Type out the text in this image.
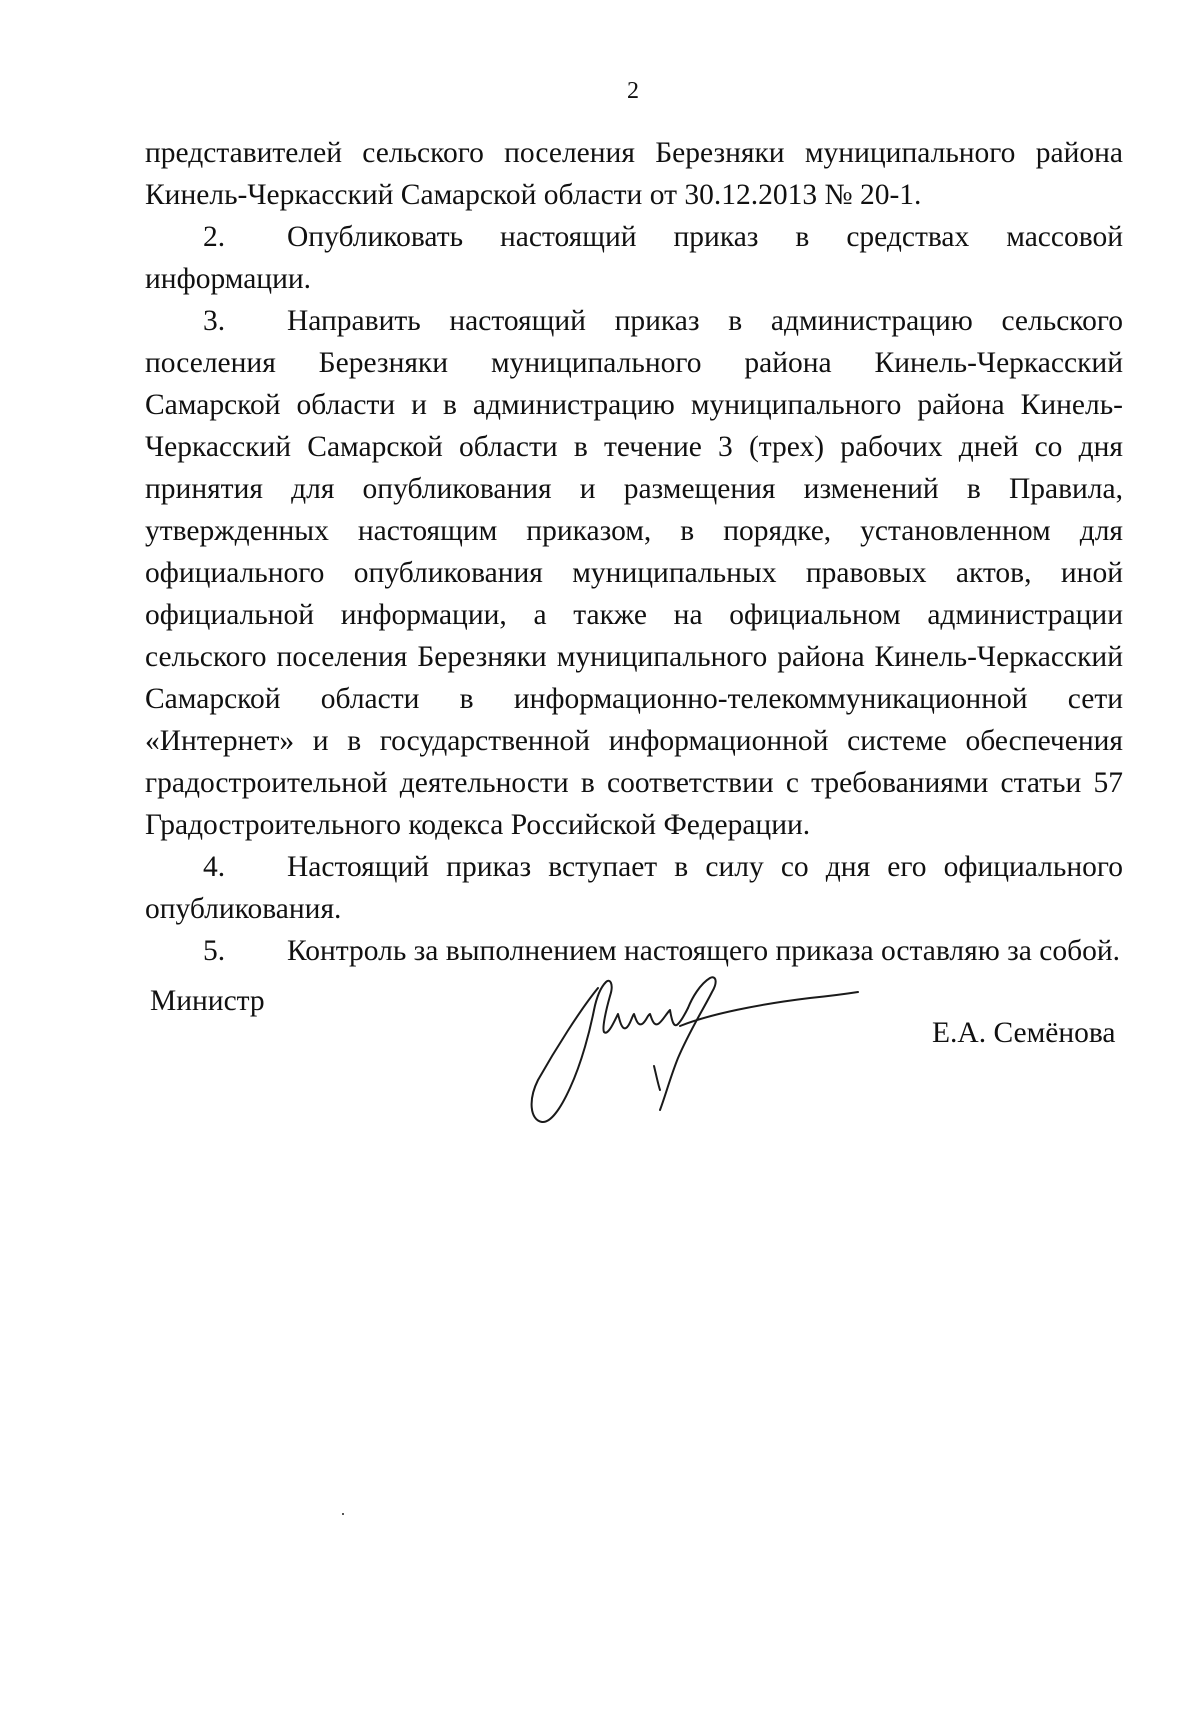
2

представителей сельского поселения Березняки муниципального района Кинель-Черкасский Самарской области от 30.12.2013 № 20-1.

2. Опубликовать настоящий приказ в средствах массовой информации.

3. Направить настоящий приказ в администрацию сельского поселения Березняки муниципального района Кинель-Черкасский Самарской области и в администрацию муниципального района Кинель-Черкасский Самарской области в течение 3 (трех) рабочих дней со дня принятия для опубликования и размещения изменений в Правила, утвержденных настоящим приказом, в порядке, установленном для официального опубликования муниципальных правовых актов, иной официальной информации, а также на официальном администрации сельского поселения Березняки муниципального района Кинель-Черкасский Самарской области в информационно-телекоммуникационной сети «Интернет» и в государственной информационной системе обеспечения градостроительной деятельности в соответствии с требованиями статьи 57 Градостроительного кодекса Российской Федерации.

4. Настоящий приказ вступает в силу со дня его официального опубликования.

5. Контроль за выполнением настоящего приказа оставляю за собой.

Министр
Е.А. Семёнова
